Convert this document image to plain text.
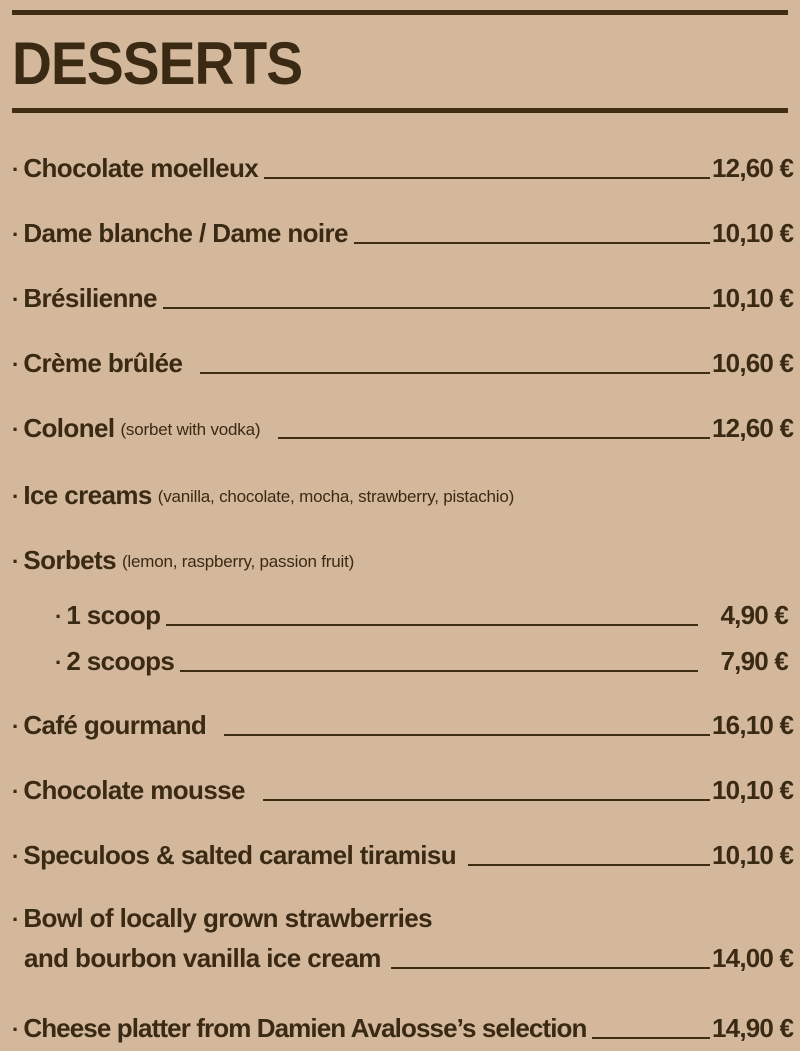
DESSERTS
· Chocolate moelleux	12,60 €
· Dame blanche / Dame noire	10,10 €
· Brésilienne	10,10 €
· Crème brûlée	10,60 €
· Colonel (sorbet with vodka)	12,60 €
· Ice creams (vanilla, chocolate, mocha, strawberry, pistachio)
· Sorbets (lemon, raspberry, passion fruit)
· 1 scoop	4,90 €
· 2 scoops	7,90 €
· Café gourmand	16,10 €
· Chocolate mousse	10,10 €
· Speculoos & salted caramel tiramisu	10,10 €
· Bowl of locally grown strawberries
and bourbon vanilla ice cream	14,00 €
· Cheese platter from Damien Avalosse’s selection	14,90 €
